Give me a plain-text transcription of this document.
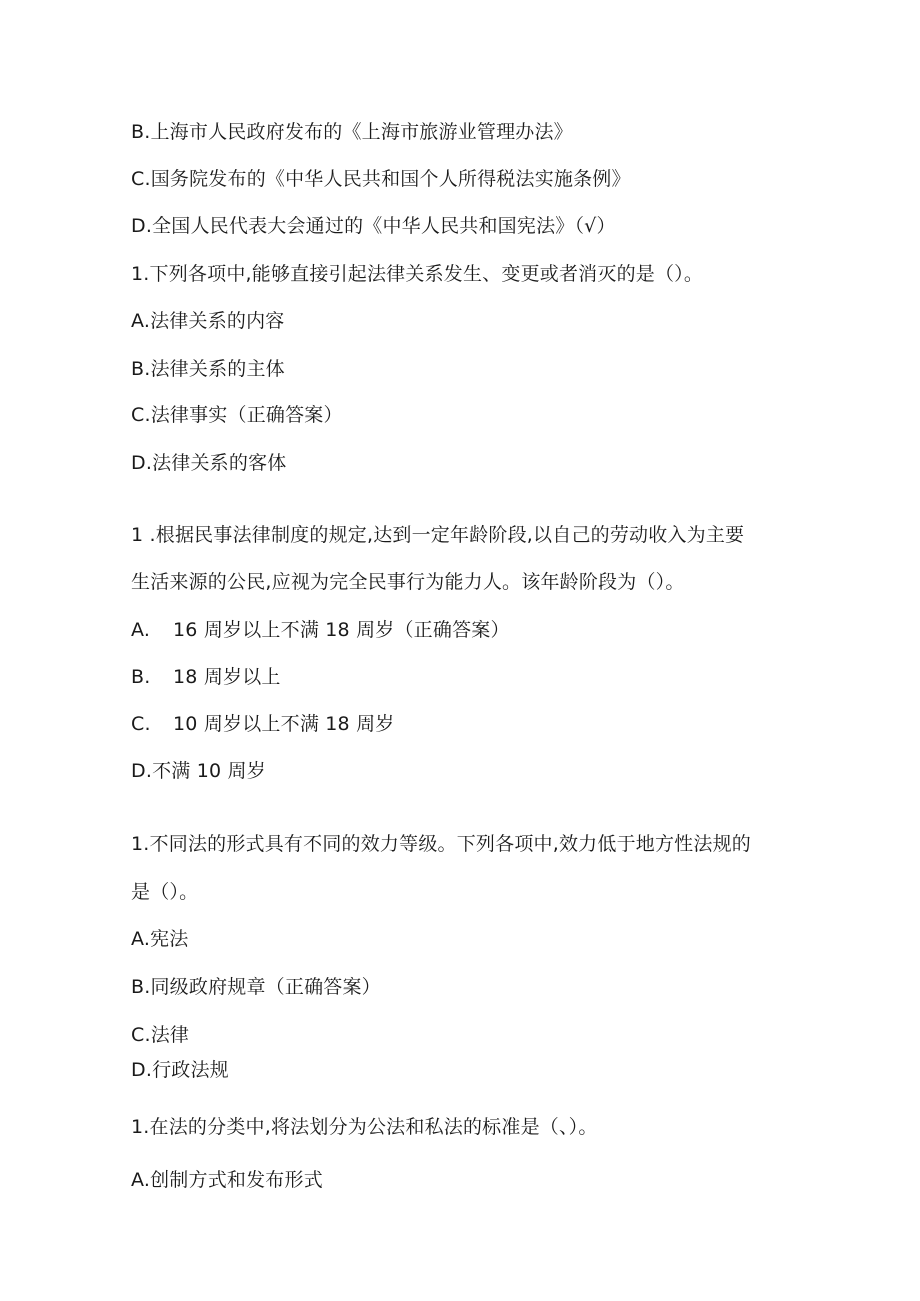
B.上海市人民政府发布的《上海市旅游业管理办法》
C.国务院发布的《中华人民共和国个人所得税法实施条例》
D.全国人民代表大会通过的《中华人民共和国宪法》（√）
1.下列各项中,能够直接引起法律关系发生、变更或者消灭的是（）。
A.法律关系的内容
B.法律关系的主体
C.法律事实（正确答案）
D.法律关系的客体
1 .根据民事法律制度的规定,达到一定年龄阶段,以自己的劳动收入为主要
生活来源的公民,应视为完全民事行为能力人。该年龄阶段为（）。
A. 16 周岁以上不满 18 周岁（正确答案）
B. 18 周岁以上
C. 10 周岁以上不满 18 周岁
D.不满 10 周岁
1.不同法的形式具有不同的效力等级。下列各项中,效力低于地方性法规的
是（）。
A.宪法
B.同级政府规章（正确答案）
C.法律
D.行政法规
1.在法的分类中,将法划分为公法和私法的标准是（、）。
A.创制方式和发布形式
